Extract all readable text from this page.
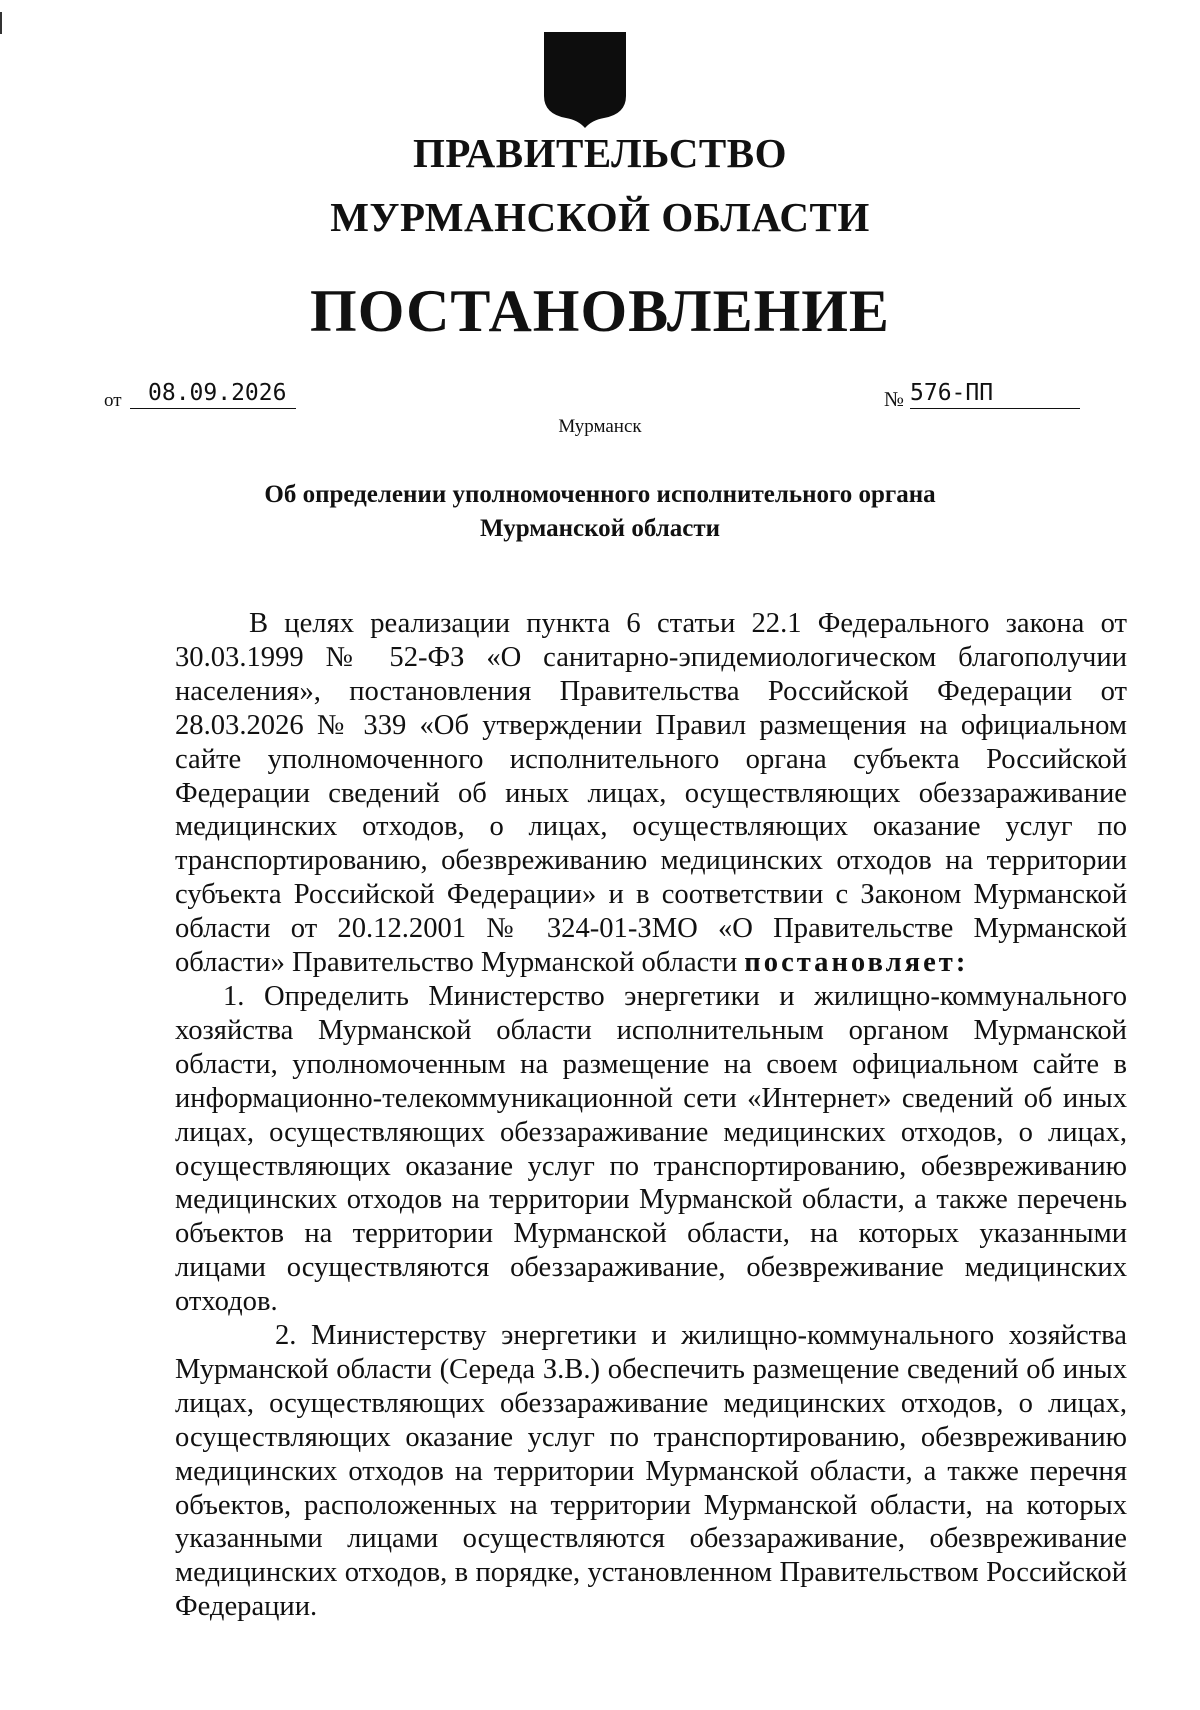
ПРАВИТЕЛЬСТВО
МУРМАНСКОЙ ОБЛАСТИ
ПОСТАНОВЛЕНИЕ
от	08.09.2026	№ 576-ПП
Мурманск
Об определении уполномоченного исполнительного органа
Мурманской области

В целях реализации пункта 6 статьи 22.1 Федерального закона от 30.03.1999 № 52-ФЗ «О санитарно-эпидемиологическом благополучии населения», постановления Правительства Российской Федерации от 28.03.2026 № 339 «Об утверждении Правил размещения на официальном сайте уполномоченного исполнительного органа субъекта Российской Федерации сведений об иных лицах, осуществляющих обеззараживание медицинских отходов, о лицах, осуществляющих оказание услуг по транспортированию, обезвреживанию медицинских отходов на территории субъекта Российской Федерации» и в соответствии с Законом Мурманской области от 20.12.2001 № 324-01-ЗМО «О Правительстве Мурманской области» Правительство Мурманской области постановляет:

1. Определить Министерство энергетики и жилищно-коммунального хозяйства Мурманской области исполнительным органом Мурманской области, уполномоченным на размещение на своем официальном сайте в информационно-телекоммуникационной сети «Интернет» сведений об иных лицах, осуществляющих обеззараживание медицинских отходов, о лицах, осуществляющих оказание услуг по транспортированию, обезвреживанию медицинских отходов на территории Мурманской области, а также перечень объектов на территории Мурманской области, на которых указанными лицами осуществляются обеззараживание, обезвреживание медицинских отходов.

2. Министерству энергетики и жилищно-коммунального хозяйства Мурманской области (Середа З.В.) обеспечить размещение сведений об иных лицах, осуществляющих обеззараживание медицинских отходов, о лицах, осуществляющих оказание услуг по транспортированию, обезвреживанию медицинских отходов на территории Мурманской области, а также перечня объектов, расположенных на территории Мурманской области, на которых указанными лицами осуществляются обеззараживание, обезвреживание медицинских отходов, в порядке, установленном Правительством Российской Федерации.
